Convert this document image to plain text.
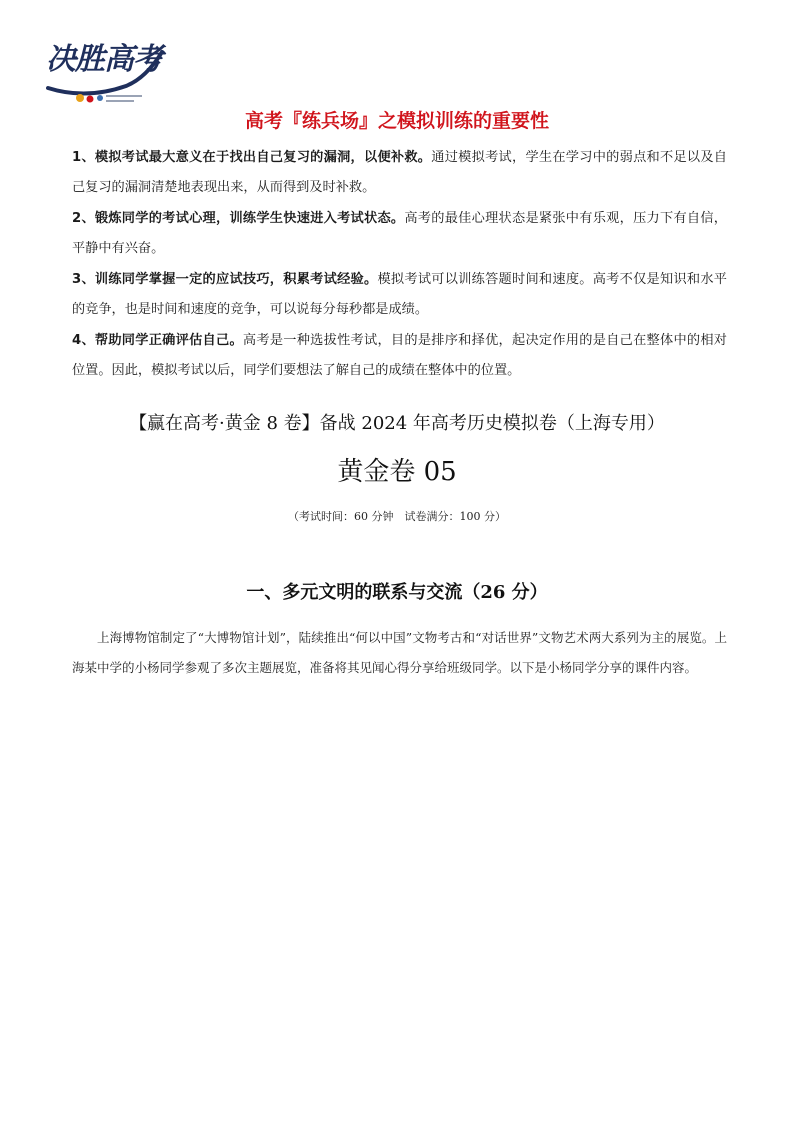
决胜高考
高考『练兵场』之模拟训练的重要性
1、模拟考试最大意义在于找出自己复习的漏洞，以便补救。通过模拟考试，学生在学习中的弱点和不足以及自己复习的漏洞清楚地表现出来，从而得到及时补救。
2、锻炼同学的考试心理，训练学生快速进入考试状态。高考的最佳心理状态是紧张中有乐观，压力下有自信，平静中有兴奋。
3、训练同学掌握一定的应试技巧，积累考试经验。模拟考试可以训练答题时间和速度。高考不仅是知识和水平的竞争，也是时间和速度的竞争，可以说每分每秒都是成绩。
4、帮助同学正确评估自己。高考是一种选拔性考试，目的是排序和择优，起决定作用的是自己在整体中的相对位置。因此，模拟考试以后，同学们要想法了解自己的成绩在整体中的位置。
【赢在高考·黄金 8 卷】备战 2024 年高考历史模拟卷（上海专用）
黄金卷 05
（考试时间：60 分钟　试卷满分：100 分）
一、多元文明的联系与交流（26 分）
上海博物馆制定了“大博物馆计划”，陆续推出“何以中国”文物考古和“对话世界”文物艺术两大系列为主的展览。上海某中学的小杨同学参观了多次主题展览，准备将其见闻心得分享给班级同学。以下是小杨同学分享的课件内容。
